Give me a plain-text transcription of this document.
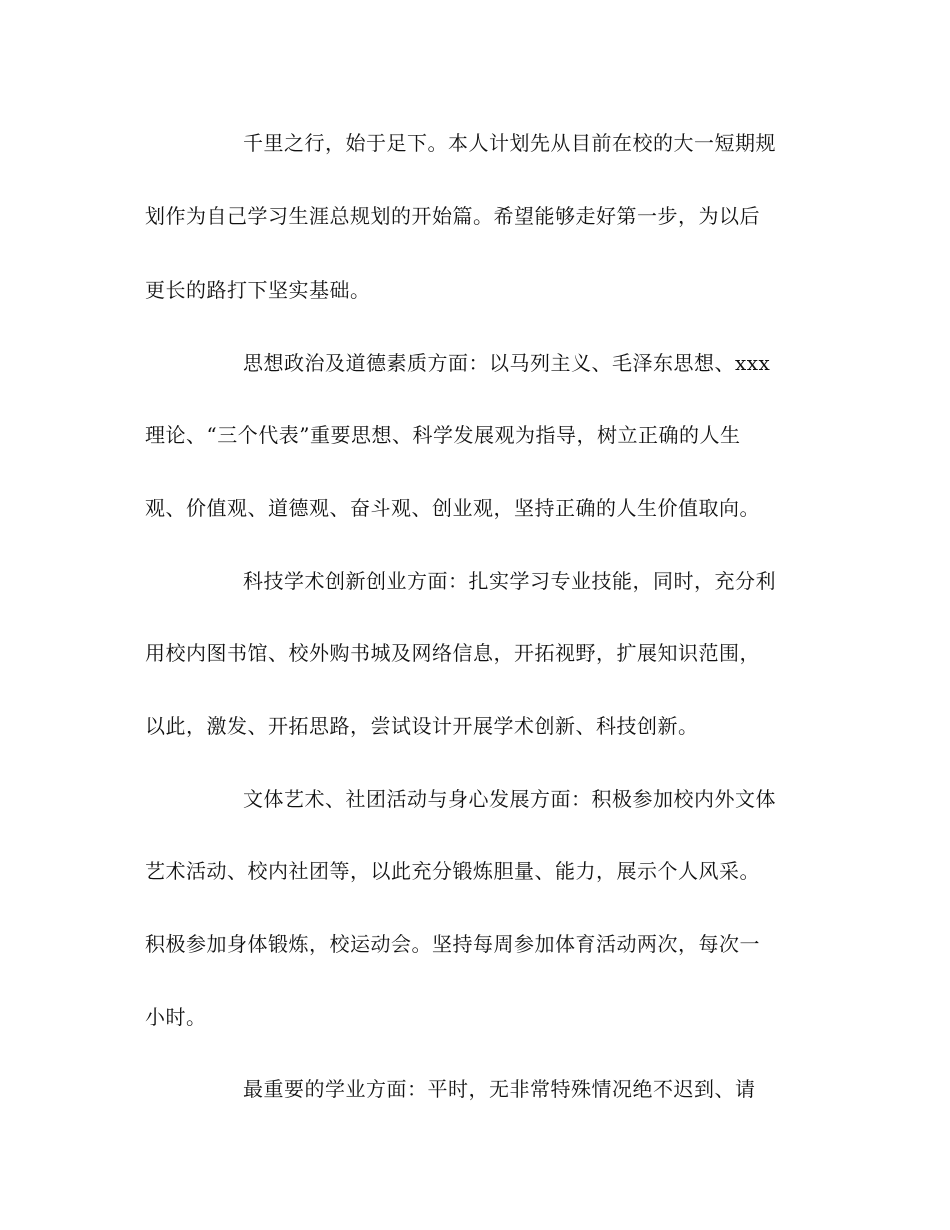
千里之行，始于足下。本人计划先从目前在校的大一短期规
划作为自己学习生涯总规划的开始篇。希望能够走好第一步，为以后
更长的路打下坚实基础。
思想政治及道德素质方面：以马列主义、毛泽东思想、xxx
理论、“三个代表”重要思想、科学发展观为指导，树立正确的人生
观、价值观、道德观、奋斗观、创业观，坚持正确的人生价值取向。
科技学术创新创业方面：扎实学习专业技能，同时，充分利
用校内图书馆、校外购书城及网络信息，开拓视野，扩展知识范围，
以此，激发、开拓思路，尝试设计开展学术创新、科技创新。
文体艺术、社团活动与身心发展方面：积极参加校内外文体
艺术活动、校内社团等，以此充分锻炼胆量、能力，展示个人风采。
积极参加身体锻炼，校运动会。坚持每周参加体育活动两次，每次一
小时。
最重要的学业方面：平时，无非常特殊情况绝不迟到、请
